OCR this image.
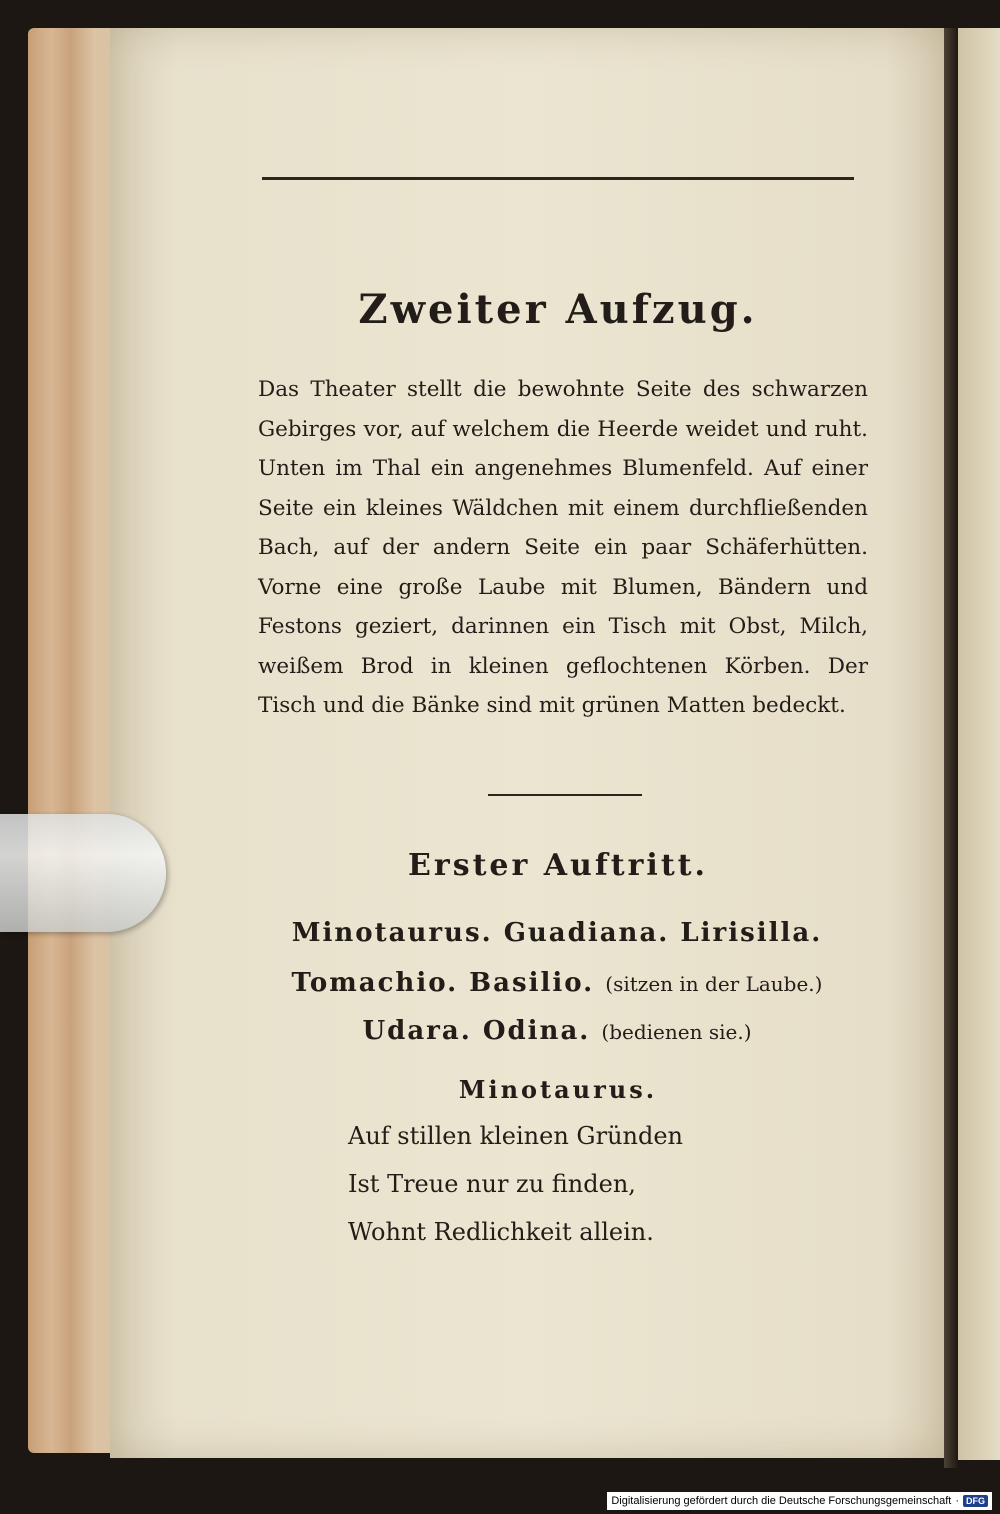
Zweiter Aufzug.

Das Theater stellt die bewohnte Seite des schwarzen Gebirges vor, auf welchem die Heerde weidet und ruht. Unten im Thal ein angenehmes Blumenfeld. Auf einer Seite ein kleines Wäldchen mit einem durchfließenden Bach, auf der andern Seite ein paar Schäferhütten. Vorne eine große Laube mit Blumen, Bändern und Festons geziert, darinnen ein Tisch mit Obst, Milch, weißem Brod in kleinen geflochtenen Körben. Der Tisch und die Bänke sind mit grünen Matten bedeckt.

Erster Auftritt.
Minotaurus. Guadiana. Lirisilla.
Tomachio. Basilio. (sitzen in der Laube.)
Udara. Odina. (bedienen sie.)
Minotaurus.
Auf stillen kleinen Gründen
Ist Treue nur zu finden,
Wohnt Redlichkeit allein.
Digitalisierung gefördert durch die Deutsche Forschungsgemeinschaft · DFG
